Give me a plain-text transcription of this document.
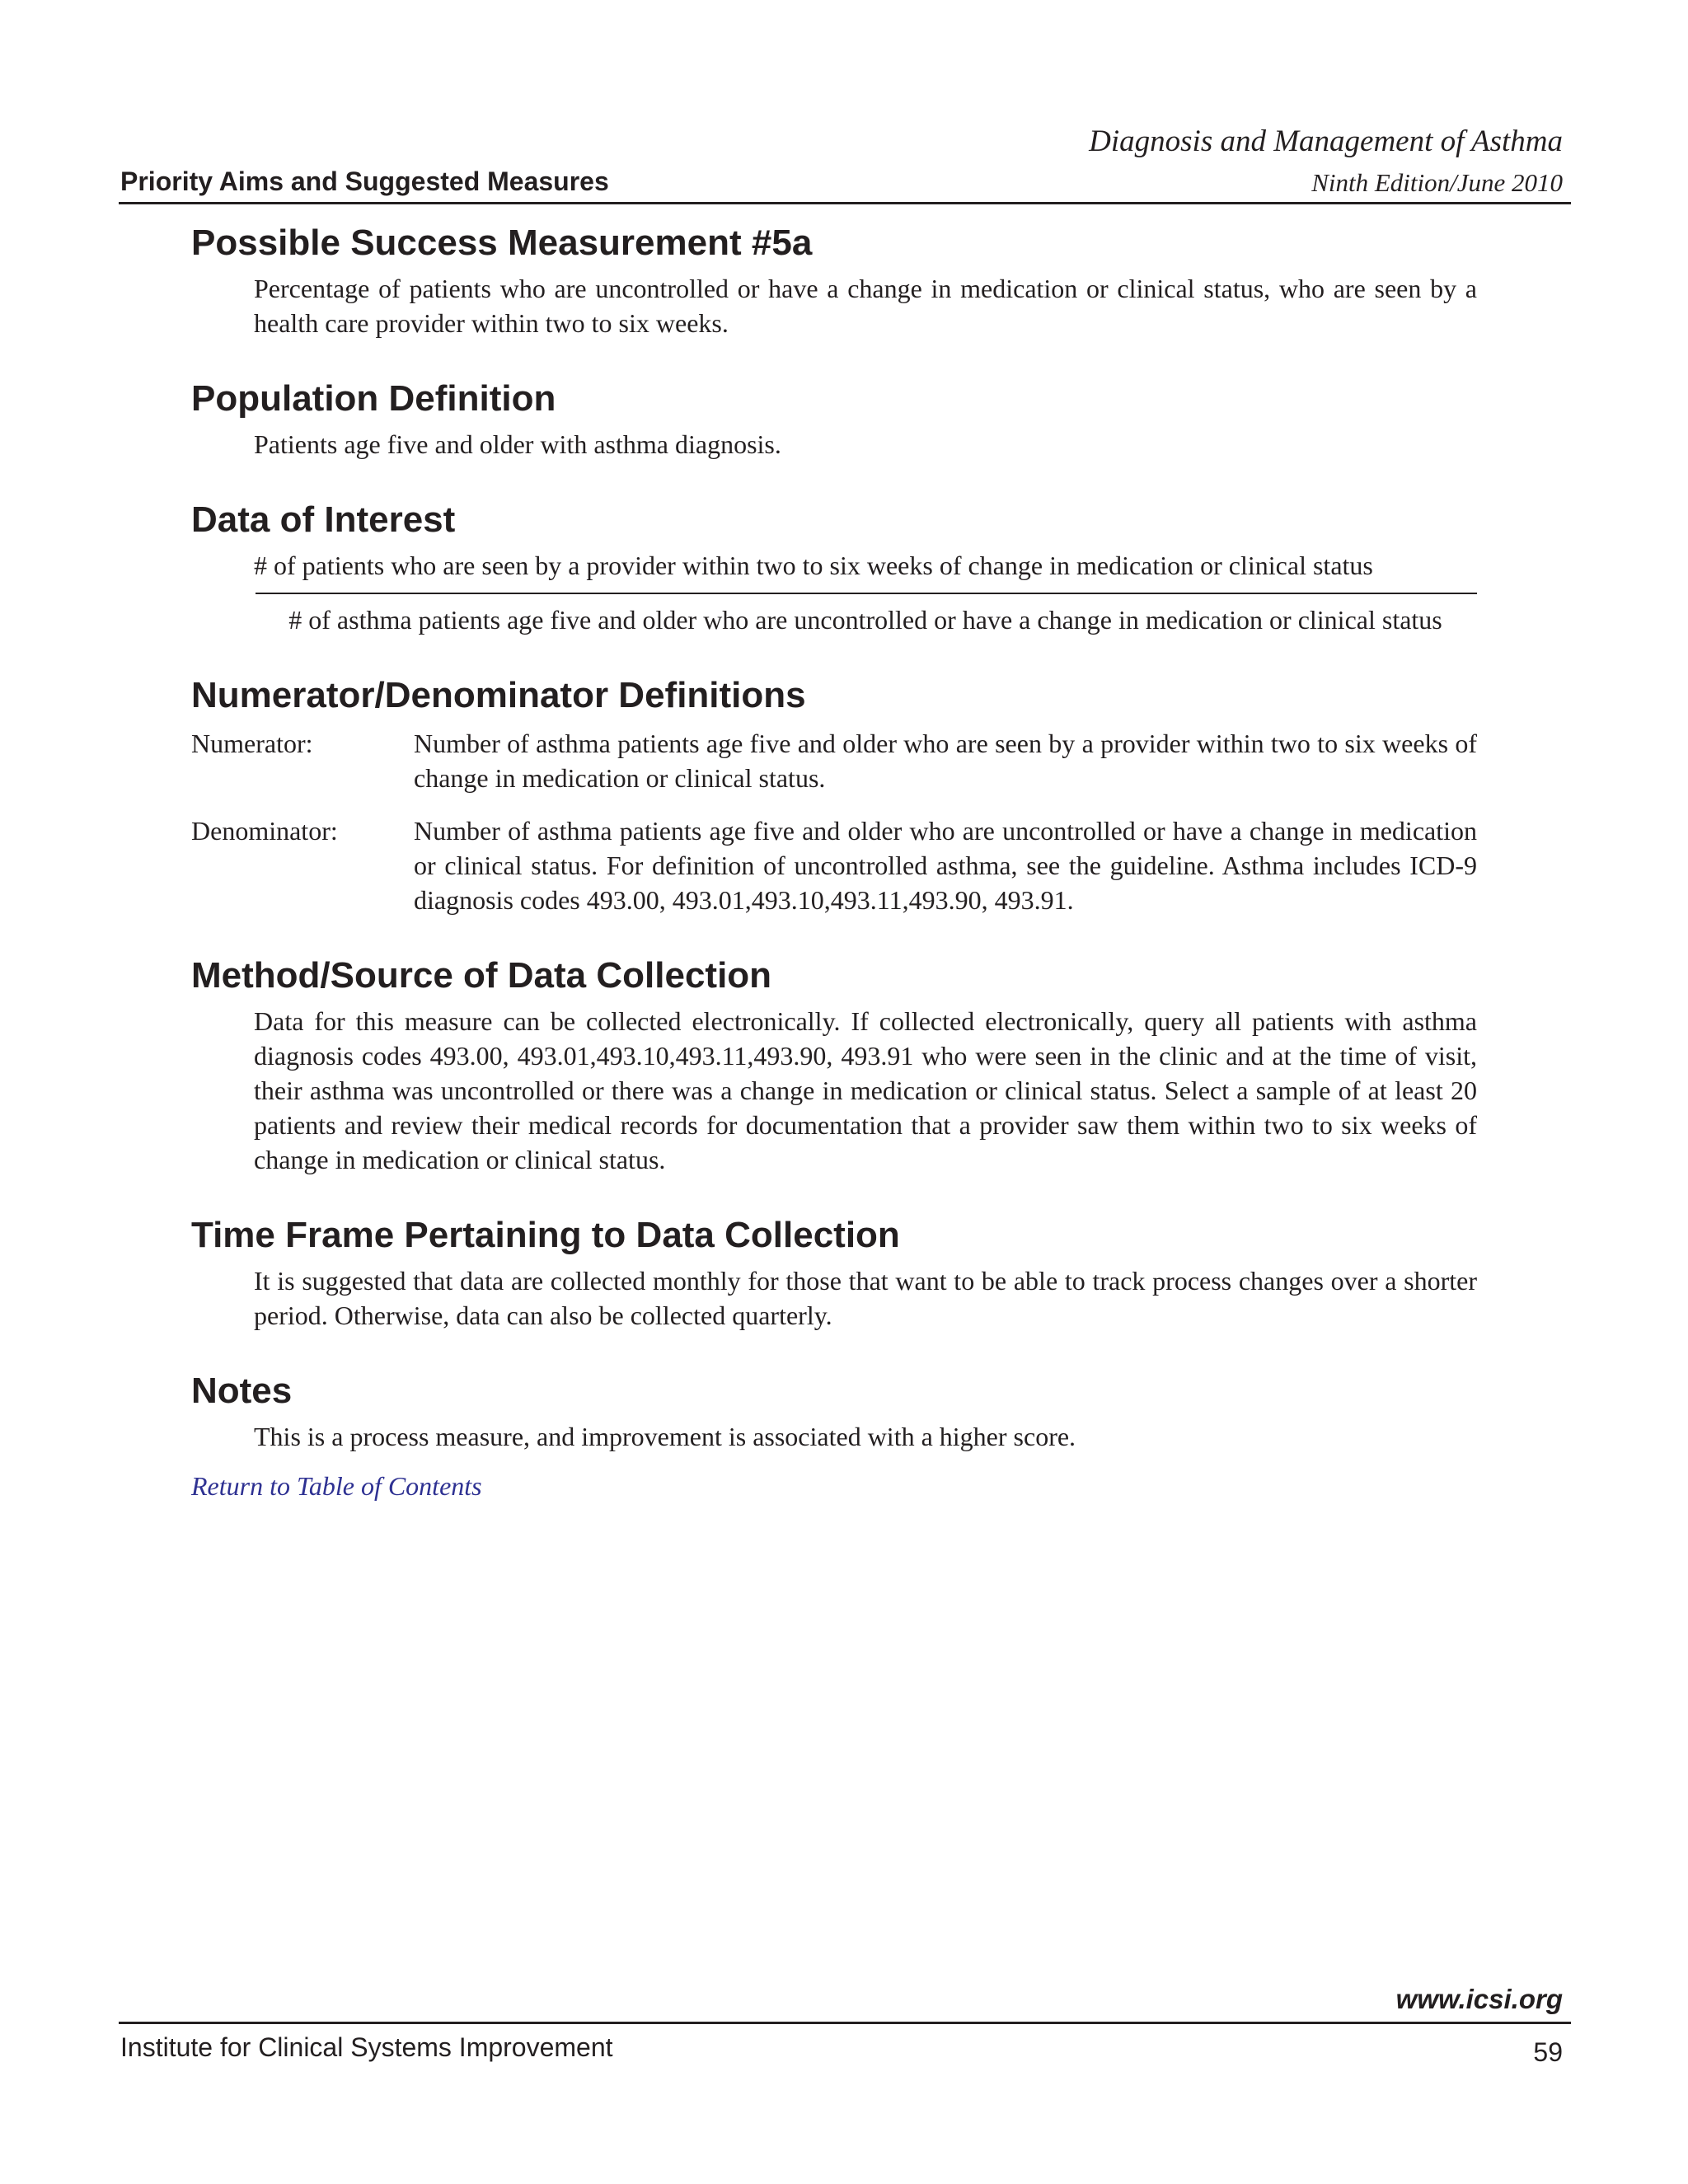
Diagnosis and Management of Asthma
Priority Aims and Suggested Measures	Ninth Edition/June 2010
Possible Success Measurement #5a
Percentage of patients who are uncontrolled or have a change in medication or clinical status, who are seen by a health care provider within two to six weeks.
Population Definition
Patients age five and older with asthma diagnosis.
Data of Interest
# of patients who are seen by a provider within two to six weeks of change in medication or clinical status
# of asthma patients age five and older who are uncontrolled or have a change in medication or clinical status
Numerator/Denominator Definitions
Numerator:	Number of asthma patients age five and older who are seen by a provider within two to six weeks of change in medication or clinical status.
Denominator:	Number of asthma patients age five and older who are uncontrolled or have a change in medication or clinical status. For definition of uncontrolled asthma, see the guideline. Asthma includes ICD-9 diagnosis codes 493.00, 493.01,493.10,493.11,493.90, 493.91.
Method/Source of Data Collection
Data for this measure can be collected electronically. If collected electronically, query all patients with asthma diagnosis codes 493.00, 493.01,493.10,493.11,493.90, 493.91 who were seen in the clinic and at the time of visit, their asthma was uncontrolled or there was a change in medication or clinical status. Select a sample of at least 20 patients and review their medical records for documentation that a provider saw them within two to six weeks of change in medication or clinical status.
Time Frame Pertaining to Data Collection
It is suggested that data are collected monthly for those that want to be able to track process changes over a shorter period. Otherwise, data can also be collected quarterly.
Notes
This is a process measure, and improvement is associated with a higher score.
Return to Table of Contents
www.icsi.org
Institute for Clinical Systems Improvement	59
